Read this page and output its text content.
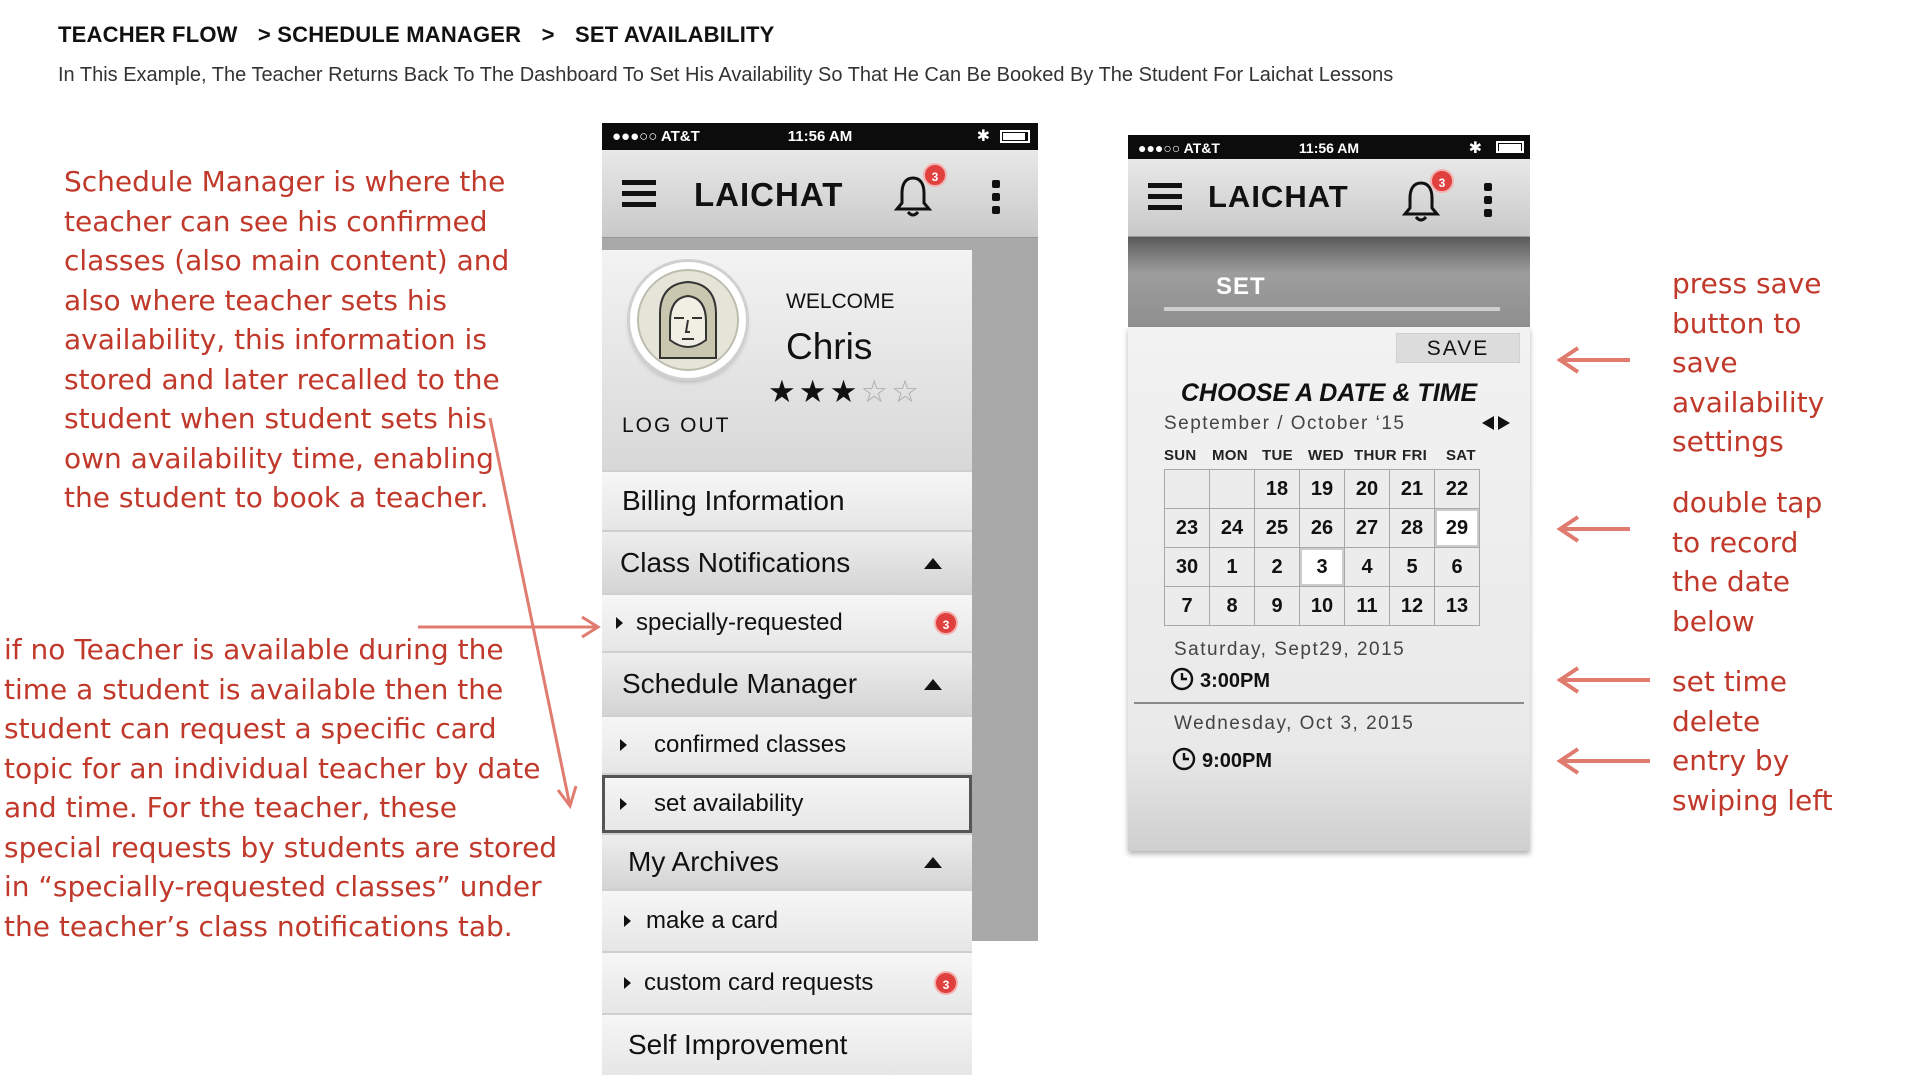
TEACHER FLOW > SCHEDULE MANAGER > SET AVAILABILITY
In This Example, The Teacher Returns Back To The Dashboard To Set His Availability So That He Can Be Booked By The Student For Laichat Lessons

Schedule Manager is where the

teacher can see his confirmed

classes (also main content) and

also where teacher sets his

availability, this information is

stored and later recalled to the

student when student sets his

own availability time, enabling

the student to book a teacher.

if no Teacher is available during the

time a student is available then the

student can request a specific card

topic for an individual teacher by date

and time. For the teacher, these

special requests by students are stored

in “specially-requested classes” under

the teacher’s class notifications tab.

press save

button to

save

availability

settings

double tap

to record

the date

below

set time

delete

entry by

swiping left

●●●○○ AT&T	11:56 AM	✱
LAICHAT	3
WELCOME
Chris
★★★☆☆
LOG OUT
Billing Information
Class Notifications
specially-requested	3
Schedule Manager
confirmed classes
set availability
My Archives
make a card
custom card requests	3
Self Improvement
●●●○○ AT&T	11:56 AM	✱
LAICHAT	3
SET
SAVE
CHOOSE A DATE & TIME
September / October ‘15
SUN MON TUE WED THUR FRI SAT
		18	19	20	21	22
23	24	25	26	27	28	29
30	1	2	3	4	5	6
7	8	9	10	11	12	13
Saturday, Sept29, 2015
3:00PM
Wednesday, Oct 3, 2015
9:00PM
